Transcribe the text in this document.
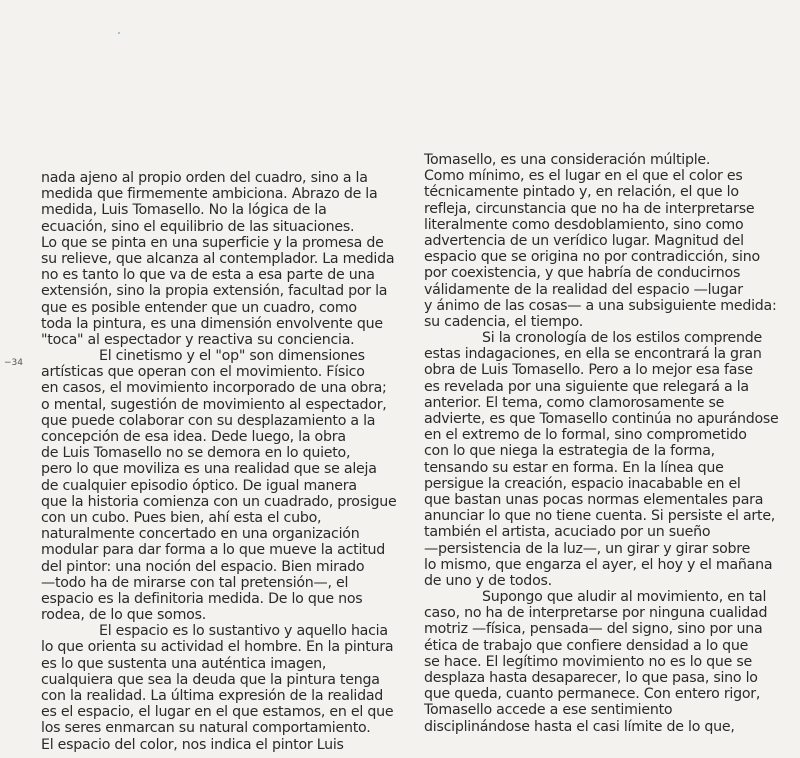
−34
nada ajeno al propio orden del cuadro, sino a la
medida que firmemente ambiciona. Abrazo de la
medida, Luis Tomasello. No la lógica de la
ecuación, sino el equilibrio de las situaciones.
Lo que se pinta en una superficie y la promesa de
su relieve, que alcanza al contemplador. La medida
no es tanto lo que va de esta a esa parte de una
extensión, sino la propia extensión, facultad por la
que es posible entender que un cuadro, como
toda la pintura, es una dimensión envolvente que
"toca" al espectador y reactiva su conciencia.
El cinetismo y el "op" son dimensiones
artísticas que operan con el movimiento. Físico
en casos, el movimiento incorporado de una obra;
o mental, sugestión de movimiento al espectador,
que puede colaborar con su desplazamiento a la
concepción de esa idea. Dede luego, la obra
de Luis Tomasello no se demora en lo quieto,
pero lo que moviliza es una realidad que se aleja
de cualquier episodio óptico. De igual manera
que la historia comienza con un cuadrado, prosigue
con un cubo. Pues bien, ahí esta el cubo,
naturalmente concertado en una organización
modular para dar forma a lo que mueve la actitud
del pintor: una noción del espacio. Bien mirado
—todo ha de mirarse con tal pretensión—, el
espacio es la definitoria medida. De lo que nos
rodea, de lo que somos.
El espacio es lo sustantivo y aquello hacia
lo que orienta su actividad el hombre. En la pintura
es lo que sustenta una auténtica imagen,
cualquiera que sea la deuda que la pintura tenga
con la realidad. La última expresión de la realidad
es el espacio, el lugar en el que estamos, en el que
los seres enmarcan su natural comportamiento.
El espacio del color, nos indica el pintor Luis
Tomasello, es una consideración múltiple.
Como mínimo, es el lugar en el que el color es
técnicamente pintado y, en relación, el que lo
refleja, circunstancia que no ha de interpretarse
literalmente como desdoblamiento, sino como
advertencia de un verídico lugar. Magnitud del
espacio que se origina no por contradicción, sino
por coexistencia, y que habría de conducirnos
válidamente de la realidad del espacio —lugar
y ánimo de las cosas— a una subsiguiente medida:
su cadencia, el tiempo.
Si la cronología de los estilos comprende
estas indagaciones, en ella se encontrará la gran
obra de Luis Tomasello. Pero a lo mejor esa fase
es revelada por una siguiente que relegará a la
anterior. El tema, como clamorosamente se
advierte, es que Tomasello continúa no apurándose
en el extremo de lo formal, sino comprometido
con lo que niega la estrategia de la forma,
tensando su estar en forma. En la línea que
persigue la creación, espacio inacabable en el
que bastan unas pocas normas elementales para
anunciar lo que no tiene cuenta. Si persiste el arte,
también el artista, acuciado por un sueño
—persistencia de la luz—, un girar y girar sobre
lo mismo, que engarza el ayer, el hoy y el mañana
de uno y de todos.
Supongo que aludir al movimiento, en tal
caso, no ha de interpretarse por ninguna cualidad
motriz —física, pensada— del signo, sino por una
ética de trabajo que confiere densidad a lo que
se hace. El legítimo movimiento no es lo que se
desplaza hasta desaparecer, lo que pasa, sino lo
que queda, cuanto permanece. Con entero rigor,
Tomasello accede a ese sentimiento
disciplinándose hasta el casi límite de lo que,
